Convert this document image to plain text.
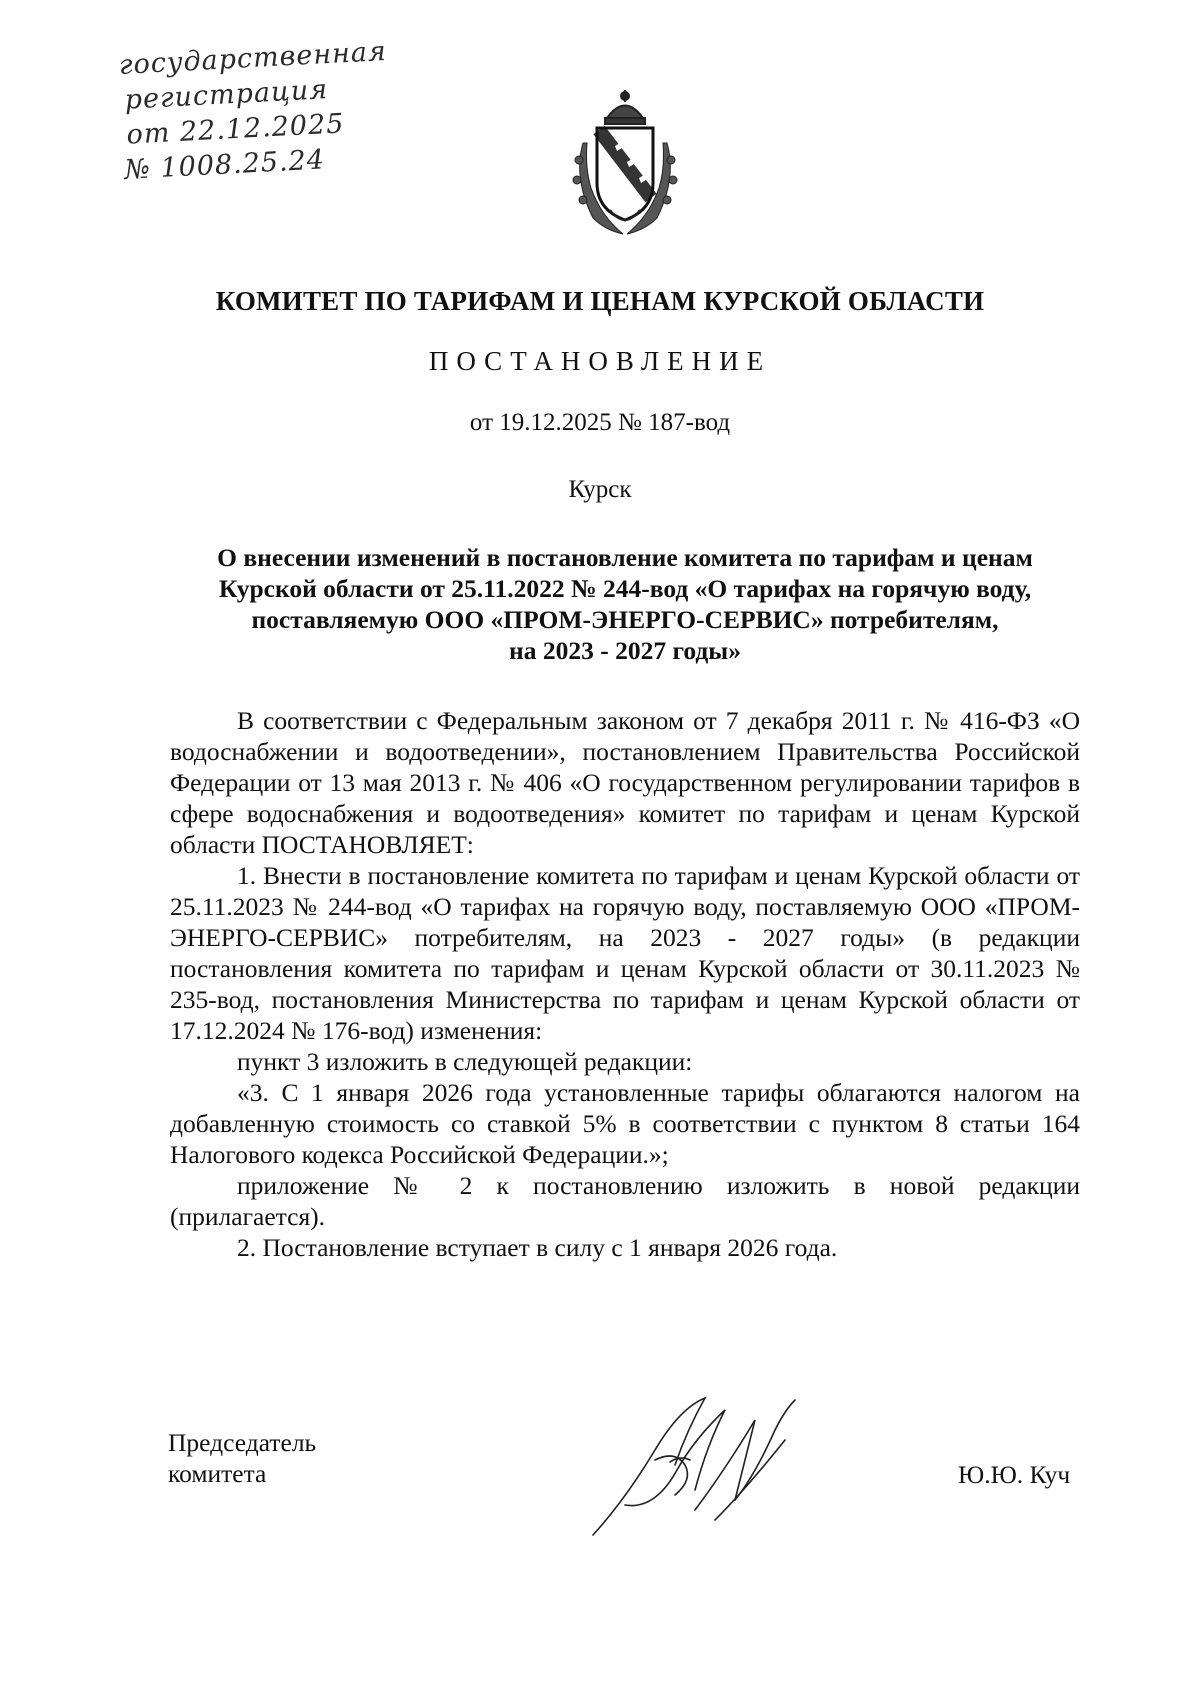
государственная
регистрация
от 22.12.2025
№ 1008.25.24
КОМИТЕТ ПО ТАРИФАМ И ЦЕНАМ КУРСКОЙ ОБЛАСТИ
ПОСТАНОВЛЕНИЕ
от 19.12.2025 № 187-вод
Курск
О внесении изменений в постановление комитета по тарифам и ценам
Курской области от 25.11.2022 № 244-вод «О тарифах на горячую воду,
поставляемую ООО «ПРОМ-ЭНЕРГО-СЕРВИС» потребителям,
на 2023 - 2027 годы»

В соответствии с Федеральным законом от 7 декабря 2011 г. № 416-ФЗ «О водоснабжении и водоотведении», постановлением Правительства Российской Федерации от 13 мая 2013 г. № 406 «О государственном регулировании тарифов в сфере водоснабжения и водоотведения» комитет по тарифам и ценам Курской области ПОСТАНОВЛЯЕТ:

1. Внести в постановление комитета по тарифам и ценам Курской области от 25.11.2023 № 244-вод «О тарифах на горячую воду, поставляемую ООО «ПРОМ-ЭНЕРГО-СЕРВИС» потребителям, на 2023 - 2027 годы» (в редакции постановления комитета по тарифам и ценам Курской области от 30.11.2023 № 235-вод, постановления Министерства по тарифам и ценам Курской области от 17.12.2024 № 176-вод) изменения:

пункт 3 изложить в следующей редакции:

«3. С 1 января 2026 года установленные тарифы облагаются налогом на добавленную стоимость со ставкой 5% в соответствии с пунктом 8 статьи 164 Налогового кодекса Российской Федерации.»;

приложение № 2 к постановлению изложить в новой редакции (прилагается).

2. Постановление вступает в силу с 1 января 2026 года.

Председатель
комитета	Ю.Ю. Куч
